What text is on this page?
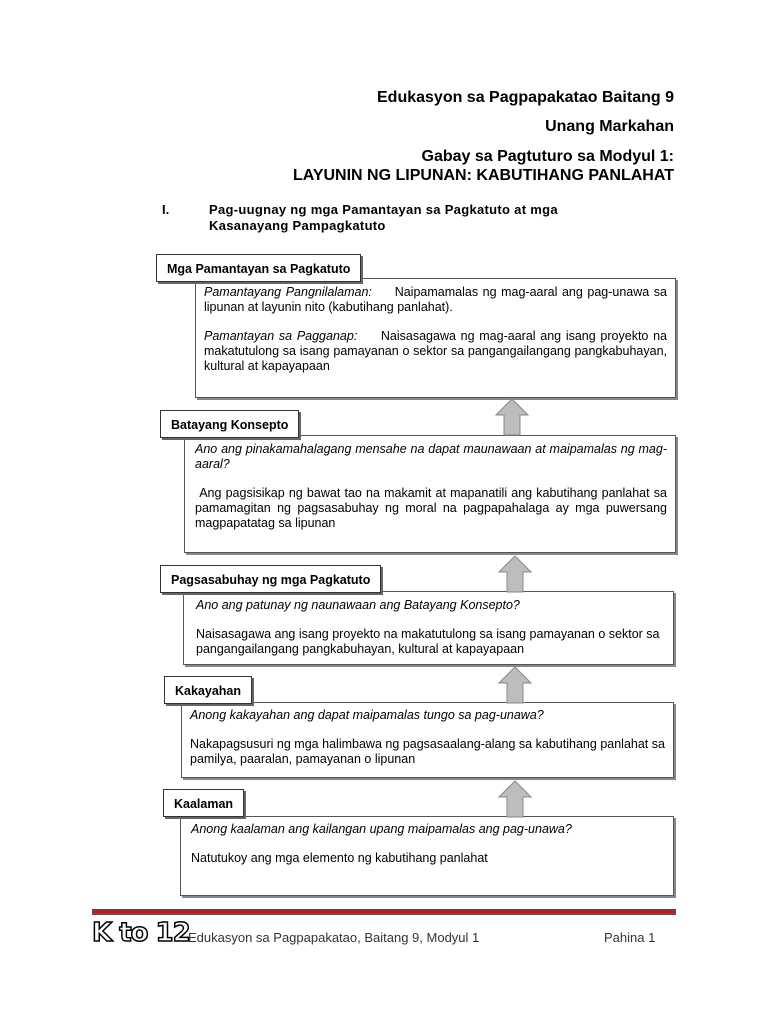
Edukasyon sa Pagpapakatao Baitang 9
Unang Markahan
Gabay sa Pagtuturo sa Modyul 1:
LAYUNIN NG LIPUNAN: KABUTIHANG PANLAHAT
I.	Pag-uugnay ng mga Pamantayan sa Pagkatuto at mga Kasanayang Pampagkatuto
Mga Pamantayan sa Pagkatuto

Pamantayang Pangnilalaman: Naipamamalas ng mag-aaral ang pag-unawa sa lipunan at layunin nito (kabutihang panlahat).

Pamantayan sa Pagganap: Naisasagawa ng mag-aaral ang isang proyekto na makatutulong sa isang pamayanan o sektor sa pangangailangang pangkabuhayan, kultural at kapayapaan

Batayang Konsepto

Ano ang pinakamahalagang mensahe na dapat maunawaan at maipamalas ng mag-aaral?

Ang pagsisikap ng bawat tao na makamit at mapanatili ang kabutihang panlahat sa pamamagitan ng pagsasabuhay ng moral na pagpapahalaga ay mga puwersang magpapatatag sa lipunan

Pagsasabuhay ng mga Pagkatuto

Ano ang patunay ng naunawaan ang Batayang Konsepto?

Naisasagawa ang isang proyekto na makatutulong sa isang pamayanan o sektor sa pangangailangang pangkabuhayan, kultural at kapayapaan

Kakayahan

Anong kakayahan ang dapat maipamalas tungo sa pag-unawa?

Nakapagsusuri ng mga halimbawa ng pagsasaalang-alang sa kabutihang panlahat sa pamilya, paaralan, pamayanan o lipunan

Kaalaman

Anong kaalaman ang kailangan upang maipamalas ang pag-unawa?

Natutukoy ang mga elemento ng kabutihang panlahat

K to 12
Edukasyon sa Pagpapakatao, Baitang 9, Modyul 1	Pahina 1
